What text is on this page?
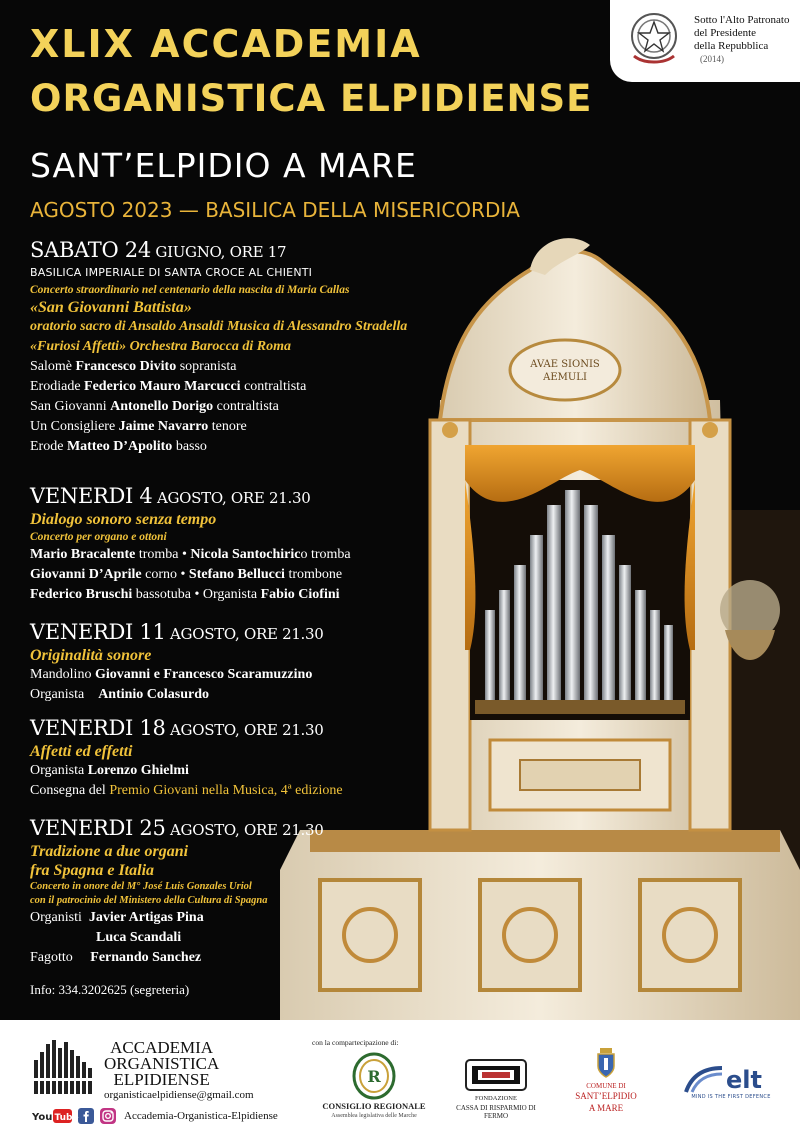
AVAE SIONIS
AEMULI
Sotto l'Alto Patronato
del Presidente
della Repubblica
(2014)
XLIX ACCADEMIA
ORGANISTICA ELPIDIENSE
SANT’ELPIDIO A MARE
AGOSTO 2023 — BASILICA DELLA MISERICORDIA
SABATO 24 GIUGNO, ORE 17
BASILICA IMPERIALE DI SANTA CROCE AL CHIENTI
Concerto straordinario nel centenario della nascita di Maria Callas
«San Giovanni Battista»
oratorio sacro di Ansaldo Ansaldi Musica di Alessandro Stradella
«Furiosi Affetti» Orchestra Barocca di Roma
Salomè Francesco Divito sopranista
Erodiade Federico Mauro Marcucci contraltista
San Giovanni Antonello Dorigo contraltista
Un Consigliere Jaime Navarro tenore
Erode Matteo D’Apolito basso
VENERDI 4 AGOSTO, ORE 21.30
Dialogo sonoro senza tempo
Concerto per organo e ottoni
Mario Bracalente tromba • Nicola Santochirico tromba
Giovanni D’Aprile corno • Stefano Bellucci trombone
Federico Bruschi bassotuba • Organista Fabio Ciofini
VENERDI 11 AGOSTO, ORE 21.30
Originalità sonore
Mandolino Giovanni e Francesco Scaramuzzino
Organista    Antinio Colasurdo
VENERDI 18 AGOSTO, ORE 21.30
Affetti ed effetti
Organista Lorenzo Ghielmi
Consegna del Premio Giovani nella Musica, 4ª edizione
VENERDI 25 AGOSTO, ORE 21.30
Tradizione a due organi
fra Spagna e Italia
Concerto in onore del M° José Luis Gonzales Uriol
con il patrocinio del Ministero della Cultura di Spagna
Organisti  Javier Artigas Pina
Luca Scandali
Fagotto     Fernando Sanchez
Info: 334.3202625 (segreteria)
ACCADEMIA
ORGANISTICA
ELPIDIENSE
organisticaelpidiense@gmail.com
You Tube	Accademia-Organistica-Elpidiense
con la compartecipazione di:
R
CONSIGLIO REGIONALE
Assemblea legislativa delle Marche
FONDAZIONE
CASSA DI RISPARMIO DI FERMO
COMUNE DI
SANT’ELPIDIO
A MARE
elt
MIND IS THE FIRST DEFENCE
